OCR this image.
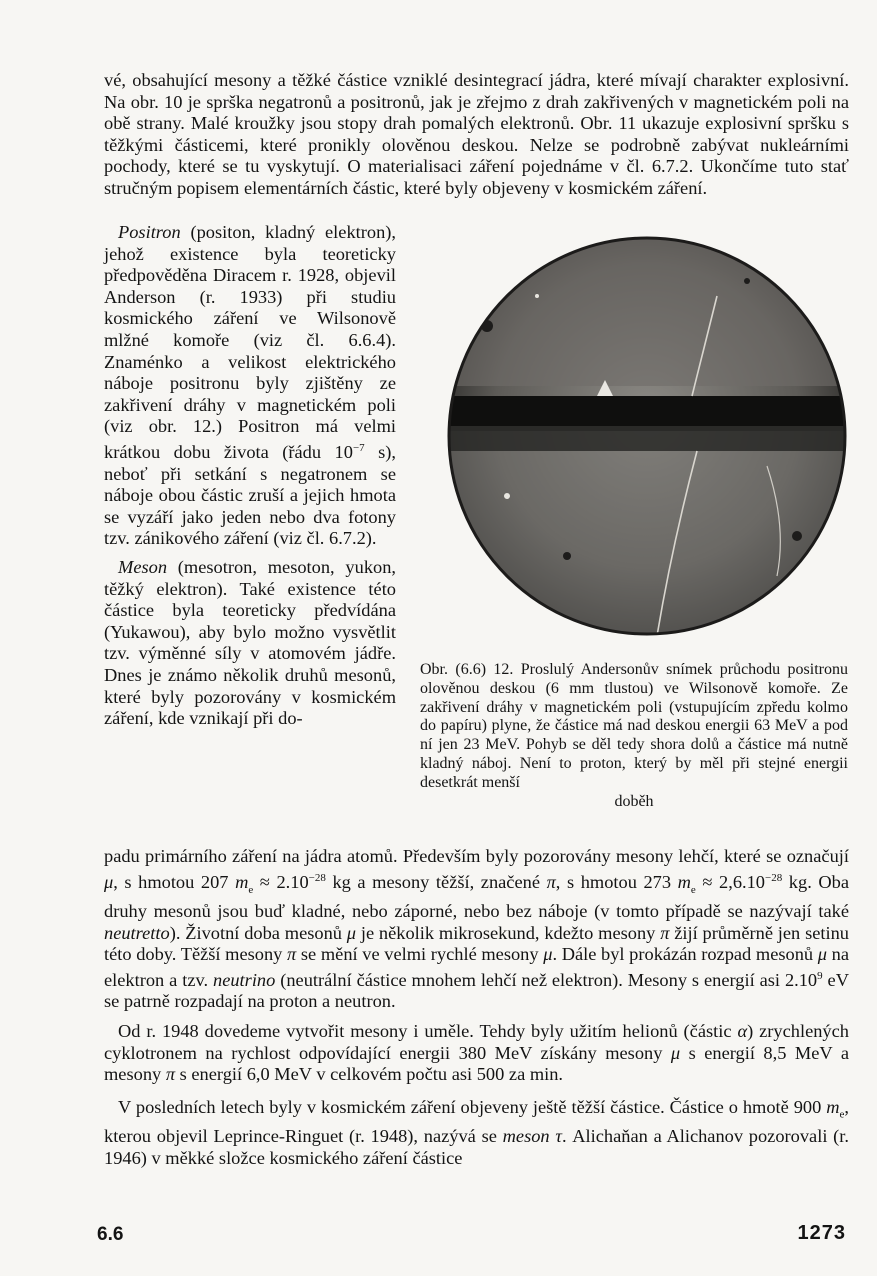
vé, obsahující mesony a těžké částice vzniklé desintegrací jádra, které mívají charakter explosivní. Na obr. 10 je sprška negatronů a positronů, jak je zřejmo z drah zakřivených v magnetickém poli na obě strany. Malé kroužky jsou stopy drah pomalých elektronů. Obr. 11 ukazuje explosivní spršku s těžkými částicemi, které pronikly olověnou deskou. Nelze se podrobně zabývat nukleárními pochody, které se tu vyskytují. O materialisaci záření pojednáme v čl. 6.7.2. Ukončíme tuto stať stručným popisem elementárních částic, které byly objeveny v kosmickém záření.

Positron (positon, kladný elektron), jehož existence byla teoreticky předpověděna Diracem r. 1928, objevil Anderson (r. 1933) při studiu kosmického záření ve Wilsonově mlžné komoře (viz čl. 6.6.4). Znaménko a velikost elektrického náboje positronu byly zjištěny ze zakřivení dráhy v magnetickém poli (viz obr. 12.) Positron má velmi krátkou dobu života (řádu $10^{-7}$ s), neboť při setkání s negatronem se náboje obou částic zruší a jejich hmota se vyzáří jako jeden nebo dva fotony tzv. zánikového záření (viz čl. 6.7.2).

Meson (mesotron, mesoton, yukon, těžký elektron). Také existence této částice byla teoreticky předvídána (Yukawou), aby bylo možno vysvětlit tzv. výměnné síly v atomovém jádře. Dnes je známo několik druhů mesonů, které byly pozorovány v kosmickém záření, kde vznikají při do-

Obr. (6.6) 12. Proslulý Andersonův snímek průchodu positronu olověnou deskou (6 mm tlustou) ve Wilsonově komoře. Ze zakřivení dráhy v magnetickém poli (vstupujícím zpředu kolmo do papíru) plyne, že částice má nad deskou energii 63 MeV a pod ní jen 23 MeV. Pohyb se děl tedy shora dolů a částice má nutně kladný náboj. Není to proton, který by měl při stejné energii desetkrát menší
doběh

padu primárního záření na jádra atomů. Především byly pozorovány mesony lehčí, které se označují μ, s hmotou 207 $m_e \approx 2.10^{-28}$ kg a mesony těžší, značené π, s hmotou 273 $m_e \approx 2,6.10^{-28}$ kg. Oba druhy mesonů jsou buď kladné, nebo záporné, nebo bez náboje (v tomto případě se nazývají také neutretto). Životní doba mesonů μ je několik mikrosekund, kdežto mesony π žijí průměrně jen setinu této doby. Těžší mesony π se mění ve velmi rychlé mesony μ. Dále byl prokázán rozpad mesonů μ na elektron a tzv. neutrino (neutrální částice mnohem lehčí než elektron). Mesony s energií asi 2.10$^9$ eV se patrně rozpadají na proton a neutron.

Od r. 1948 dovedeme vytvořit mesony i uměle. Tehdy byly užitím helionů (částic α) zrychlených cyklotronem na rychlost odpovídající energii 380 MeV získány mesony μ s energií 8,5 MeV a mesony π s energií 6,0 MeV v celkovém počtu asi 500 za min.

V posledních letech byly v kosmickém záření objeveny ještě těžší částice. Částice o hmotě 900 $m_e$, kterou objevil Leprince-Ringuet (r. 1948), nazývá se meson τ. Alichaňan a Alichanov pozorovali (r. 1946) v měkké složce kosmického záření částice

6.6	1273
